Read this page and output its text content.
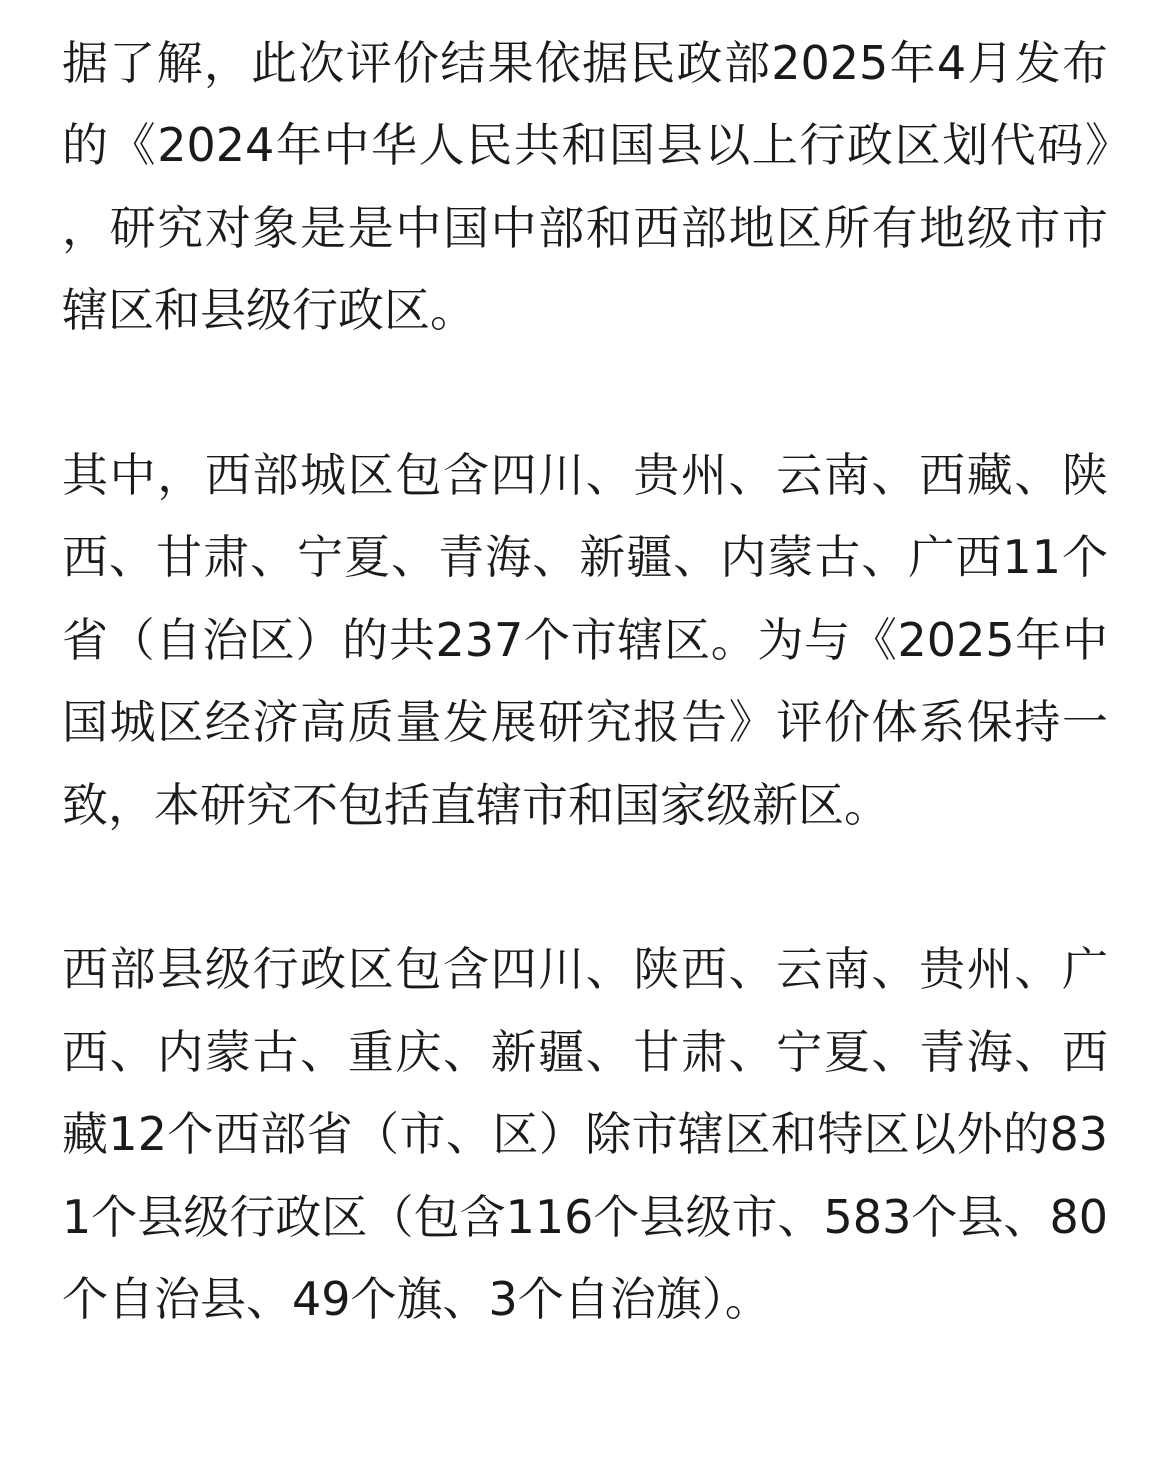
据了解，此次评价结果依据民政部2025年4月发布的《2024年中华人民共和国县以上行政区划代码》，研究对象是是中国中部和西部地区所有地级市市辖区和县级行政区。

其中，西部城区包含四川、贵州、云南、西藏、陕西、甘肃、宁夏、青海、新疆、内蒙古、广西11个省（自治区）的共237个市辖区。为与《2025年中国城区经济高质量发展研究报告》评价体系保持一致，本研究不包括直辖市和国家级新区。

西部县级行政区包含四川、陕西、云南、贵州、广西、内蒙古、重庆、新疆、甘肃、宁夏、青海、西藏12个西部省（市、区）除市辖区和特区以外的831个县级行政区（包含116个县级市、583个县、80个自治县、49个旗、3个自治旗）。
